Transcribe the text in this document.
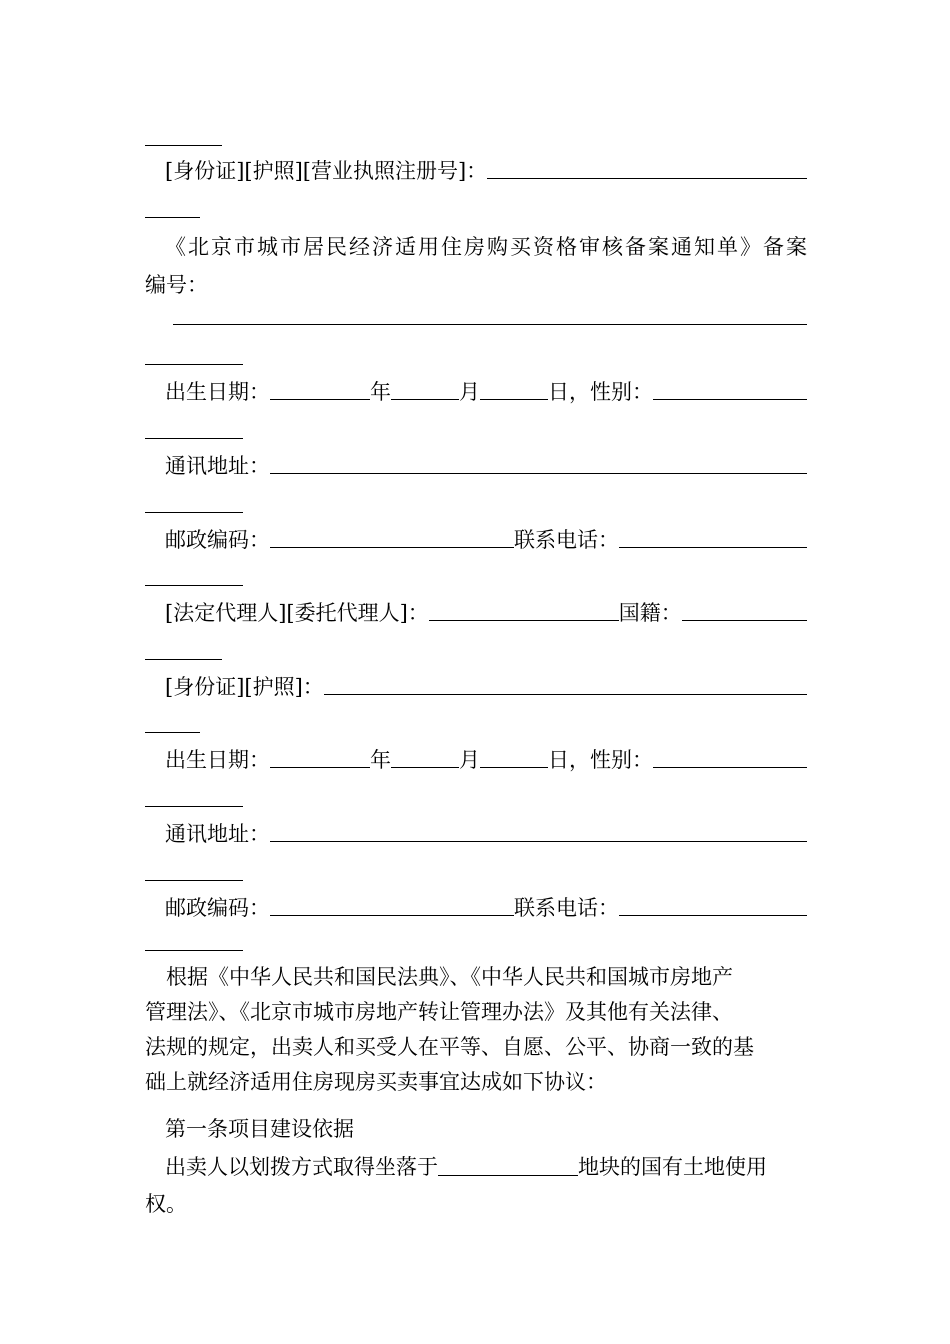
[身份证][护照][营业执照注册号]：
《北京市城市居民经济适用住房购买资格审核备案通知单》备案
编号：
出生日期：	年	月	日，性别：
通讯地址：
邮政编码：	联系电话：
[法定代理人][委托代理人]：	国籍：
[身份证][护照]：
出生日期：	年	月	日，性别：
通讯地址：
邮政编码：	联系电话：
根据《中华人民共和国民法典》、《中华人民共和国城市房地产
管理法》、《北京市城市房地产转让管理办法》及其他有关法律、
法规的规定，出卖人和买受人在平等、自愿、公平、协商一致的基
础上就经济适用住房现房买卖事宜达成如下协议：
第一条项目建设依据
出卖人以划拨方式取得坐落于	地块的国有土地使用
权。
